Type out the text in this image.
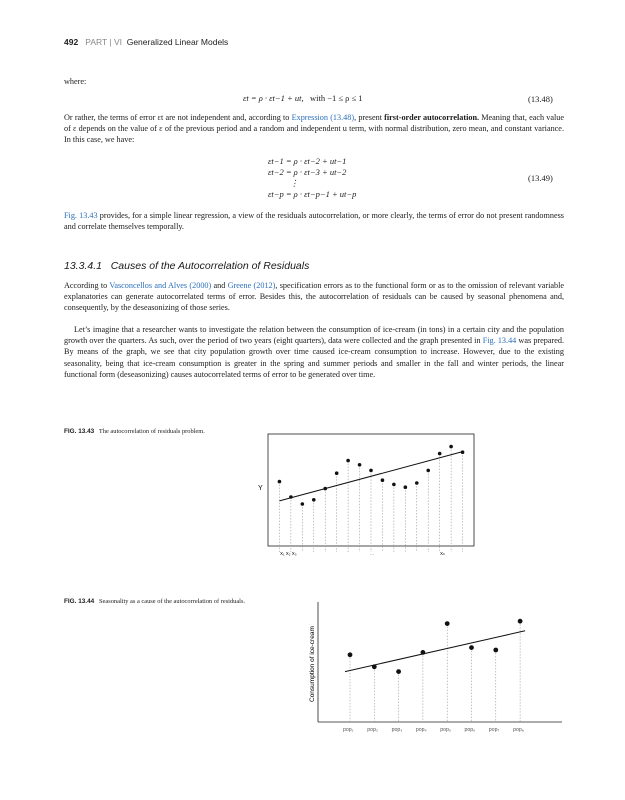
492 PART | VI Generalized Linear Models
where:
εt = ρ · εt−1 + ut, with −1 ≤ ρ ≤ 1	(13.48)
Or rather, the terms of error εt are not independent and, according to Expression (13.48), present first-order autocorrelation. Meaning that, each value of ε depends on the value of ε of the previous period and a random and independent u term, with normal distribution, zero mean, and constant variance. In this case, we have:
εt−1 = ρ · εt−2 + ut−1
εt−2 = ρ · εt−3 + ut−2
⋮
εt−p = ρ · εt−p−1 + ut−p
(13.49)
Fig. 13.43 provides, for a simple linear regression, a view of the residuals autocorrelation, or more clearly, the terms of error do not present randomness and correlate themselves temporally.
13.3.4.1 Causes of the Autocorrelation of Residuals
According to Vasconcellos and Alves (2000) and Greene (2012), specification errors as to the functional form or as to the omission of relevant variable explanatories can generate autocorrelated terms of error. Besides this, the autocorrelation of residuals can be caused by seasonal phenomena and, consequently, by the deseasonizing of those series.
Let’s imagine that a researcher wants to investigate the relation between the consumption of ice-cream (in tons) in a certain city and the population growth over the quarters. As such, over the period of two years (eight quarters), data were collected and the graph presented in Fig. 13.44 was prepared. By means of the graph, we see that city population growth over time caused ice-cream consumption to increase. However, due to the existing seasonality, being that ice-cream consumption is greater in the spring and summer periods and smaller in the fall and winter periods, the linear functional form (deseasonizing) causes autocorrelated terms of error to be generated over time.
FIG. 13.43 The autocorrelation of residuals problem.
Y
X₁ X₂ X₃	...	Xₙ
FIG. 13.44 Seasonality as a cause of the autocorrelation of residuals.
Consumption of ice-cream
pop₁	pop₂	pop₃	pop₄	pop₅	pop₆	pop₇	pop₈
